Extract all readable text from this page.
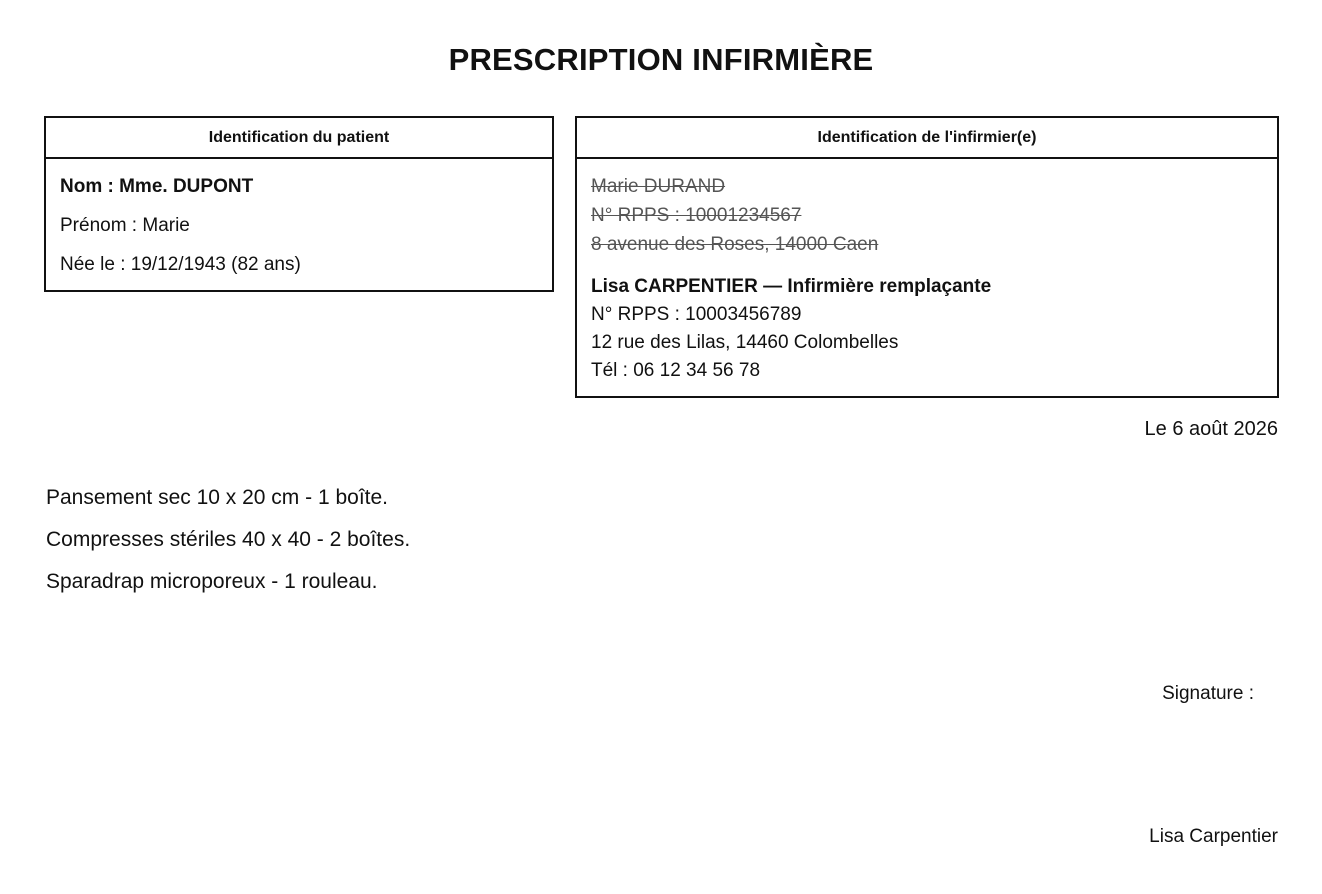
PRESCRIPTION INFIRMIÈRE
Identification du patient
Nom : Mme. DUPONT
Prénom : Marie
Née le : 19/12/1943 (82 ans)
Identification de l'infirmier(e)
Marie DURAND
N° RPPS : 10001234567
8 avenue des Roses, 14000 Caen
Lisa CARPENTIER — Infirmière remplaçante
N° RPPS : 10003456789
12 rue des Lilas, 14460 Colombelles
Tél : 06 12 34 56 78
Le 6 août 2026
Pansement sec 10 x 20 cm - 1 boîte.
Compresses stériles 40 x 40 - 2 boîtes.
Sparadrap microporeux - 1 rouleau.
Signature :
Lisa Carpentier
